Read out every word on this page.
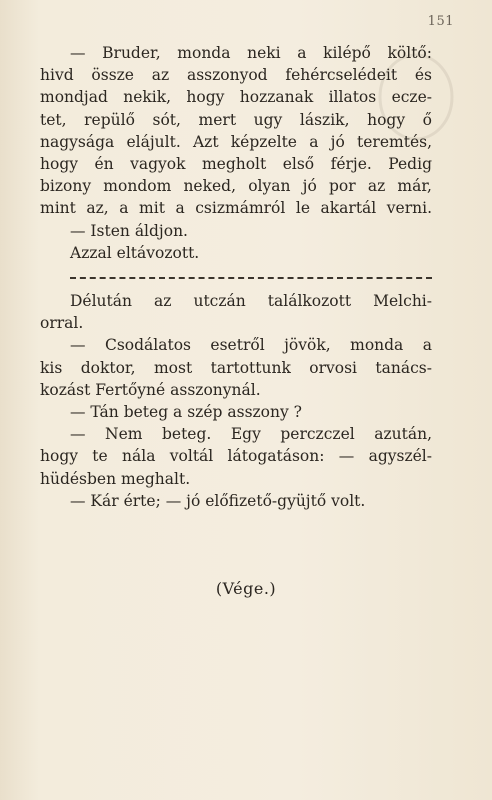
151
— Bruder, monda neki a kilépő költő:
hivd össze az asszonyod fehércselédeit és
mondjad nekik, hogy hozzanak illatos ecze-
tet, repülő sót, mert ugy lászik, hogy ő
nagysága elájult. Azt képzelte a jó teremtés,
hogy én vagyok megholt első férje. Pedig
bizony mondom neked, olyan jó por az már,
mint az, a mit a csizmámról le akartál verni.
— Isten áldjon.
Azzal eltávozott.
Délután az utczán találkozott Melchi-
orral.
— Csodálatos esetről jövök, monda a
kis doktor, most tartottunk orvosi tanács-
kozást Fertőyné asszonynál.
— Tán beteg a szép asszony ?
— Nem beteg. Egy perczczel azután,
hogy te nála voltál látogatáson: — agyszél-
hüdésben meghalt.
— Kár érte; — jó előfizető-gyüjtő volt.
(Vége.)
